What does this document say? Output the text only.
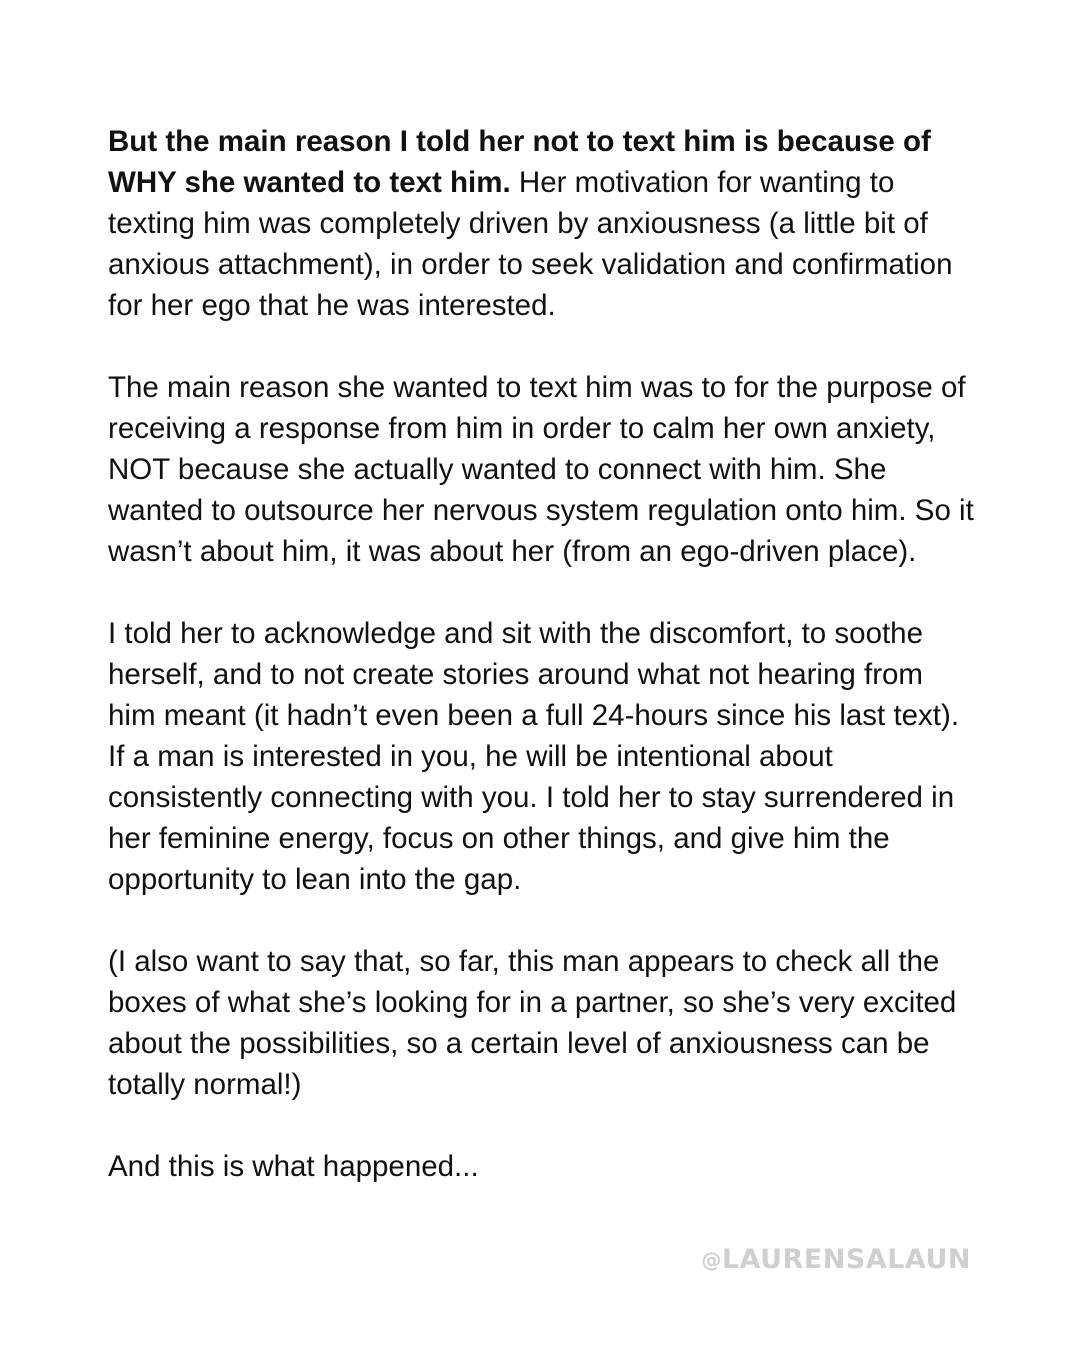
But the main reason I told her not to text him is because of WHY she wanted to text him. Her motivation for wanting to texting him was completely driven by anxiousness (a little bit of anxious attachment), in order to seek validation and confirmation for her ego that he was interested.

The main reason she wanted to text him was to for the purpose of receiving a response from him in order to calm her own anxiety, NOT because she actually wanted to connect with him. She wanted to outsource her nervous system regulation onto him. So it wasn’t about him, it was about her (from an ego-driven place).

I told her to acknowledge and sit with the discomfort, to soothe herself, and to not create stories around what not hearing from him meant (it hadn’t even been a full 24-hours since his last text). If a man is interested in you, he will be intentional about consistently connecting with you. I told her to stay surrendered in her feminine energy, focus on other things, and give him the opportunity to lean into the gap.

(I also want to say that, so far, this man appears to check all the boxes of what she’s looking for in a partner, so she’s very excited about the possibilities, so a certain level of anxiousness can be totally normal!)

And this is what happened...

@LAURENSALAUN
